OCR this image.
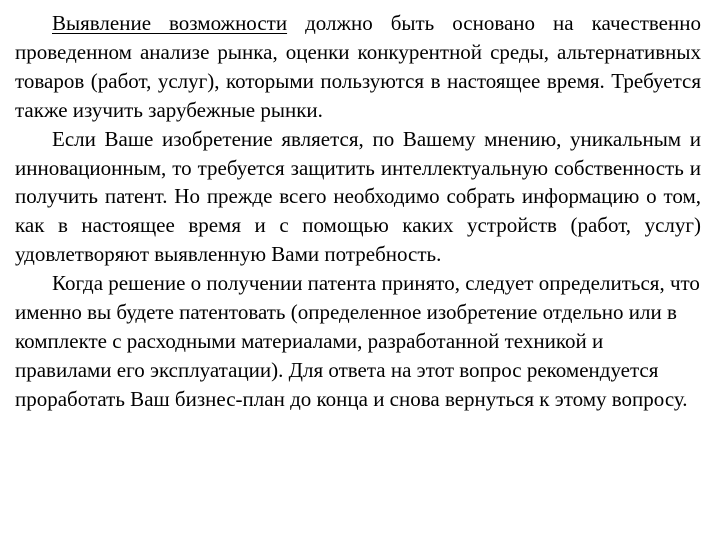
Выявление возможности должно быть основано на качественно проведенном анализе рынка, оценки конкурентной среды, альтернативных товаров (работ, услуг), которыми пользуются в настоящее время. Требуется также изучить зарубежные рынки.

Если Ваше изобретение является, по Вашему мнению, уникальным и инновационным, то требуется защитить интеллектуальную собственность и получить патент. Но прежде всего необходимо собрать информацию о том, как в настоящее время и с помощью каких устройств (работ, услуг) удовлетворяют выявленную Вами потребность.

Когда решение о получении патента принято, следует определиться, что именно вы будете патентовать (определенное изобретение отдельно или в комплекте с расходными материалами, разработанной техникой и правилами его эксплуатации). Для ответа на этот вопрос рекомендуется проработать Ваш бизнес-план до конца и снова вернуться к этому вопросу.
